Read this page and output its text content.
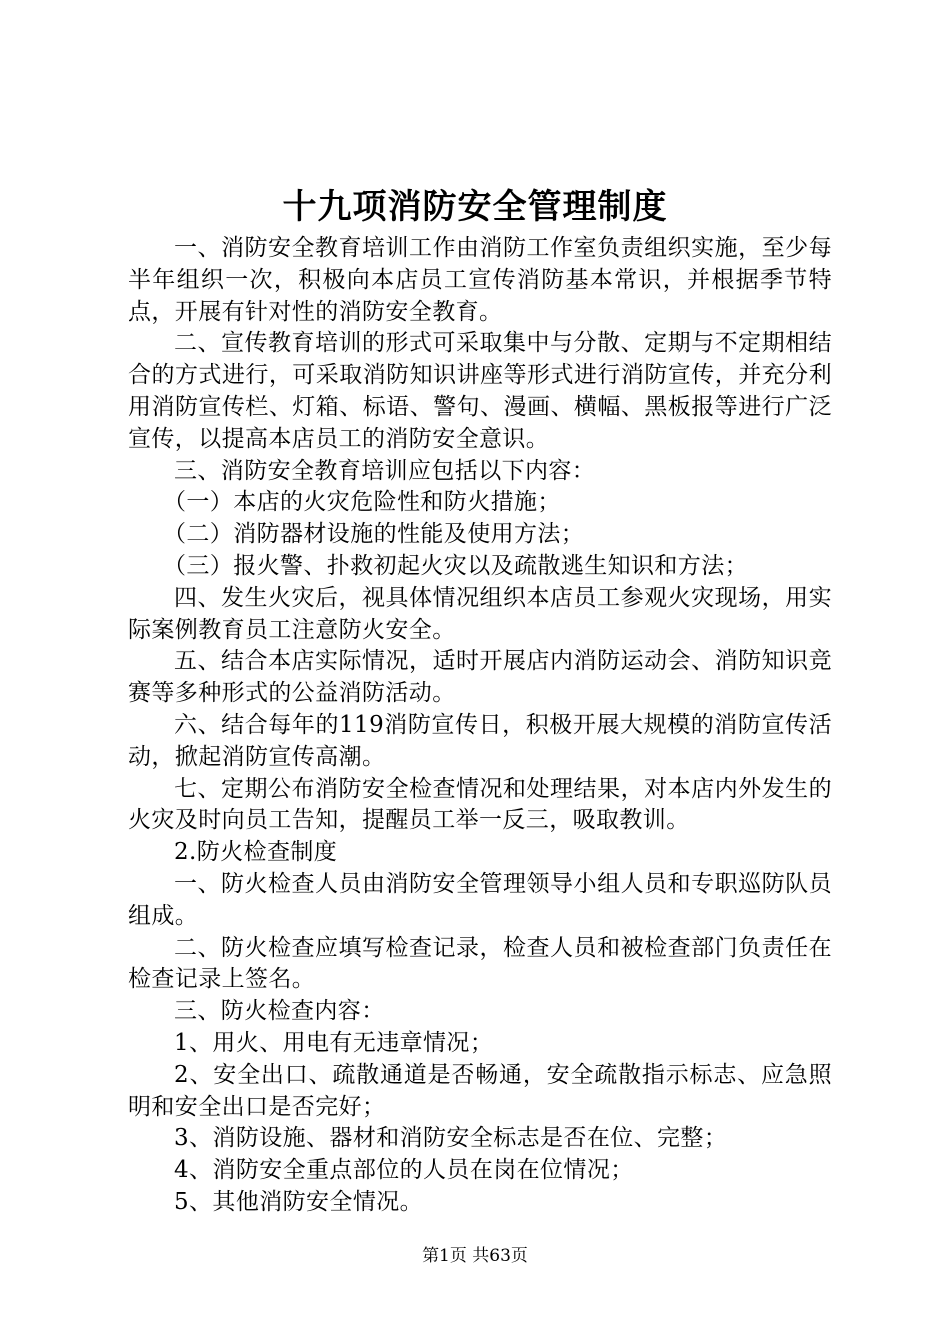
十九项消防安全管理制度

一、消防安全教育培训工作由消防工作室负责组织实施，至少每半年组织一次，积极向本店员工宣传消防基本常识，并根据季节特点，开展有针对性的消防安全教育。

二、宣传教育培训的形式可采取集中与分散、定期与不定期相结合的方式进行，可采取消防知识讲座等形式进行消防宣传，并充分利用消防宣传栏、灯箱、标语、警句、漫画、横幅、黑板报等进行广泛宣传，以提高本店员工的消防安全意识。

三、消防安全教育培训应包括以下内容：

（一）本店的火灾危险性和防火措施；

（二）消防器材设施的性能及使用方法；

（三）报火警、扑救初起火灾以及疏散逃生知识和方法；

四、发生火灾后，视具体情况组织本店员工参观火灾现场，用实际案例教育员工注意防火安全。

五、结合本店实际情况，适时开展店内消防运动会、消防知识竞赛等多种形式的公益消防活动。

六、结合每年的119消防宣传日，积极开展大规模的消防宣传活动，掀起消防宣传高潮。

七、定期公布消防安全检查情况和处理结果，对本店内外发生的火灾及时向员工告知，提醒员工举一反三，吸取教训。

2.防火检查制度

一、防火检查人员由消防安全管理领导小组人员和专职巡防队员组成。

二、防火检查应填写检查记录，检查人员和被检查部门负责任在检查记录上签名。

三、防火检查内容：

1、用火、用电有无违章情况；

2、安全出口、疏散通道是否畅通，安全疏散指示标志、应急照明和安全出口是否完好；

3、消防设施、器材和消防安全标志是否在位、完整；

4、消防安全重点部位的人员在岗在位情况；

5、其他消防安全情况。

第1页 共63页
